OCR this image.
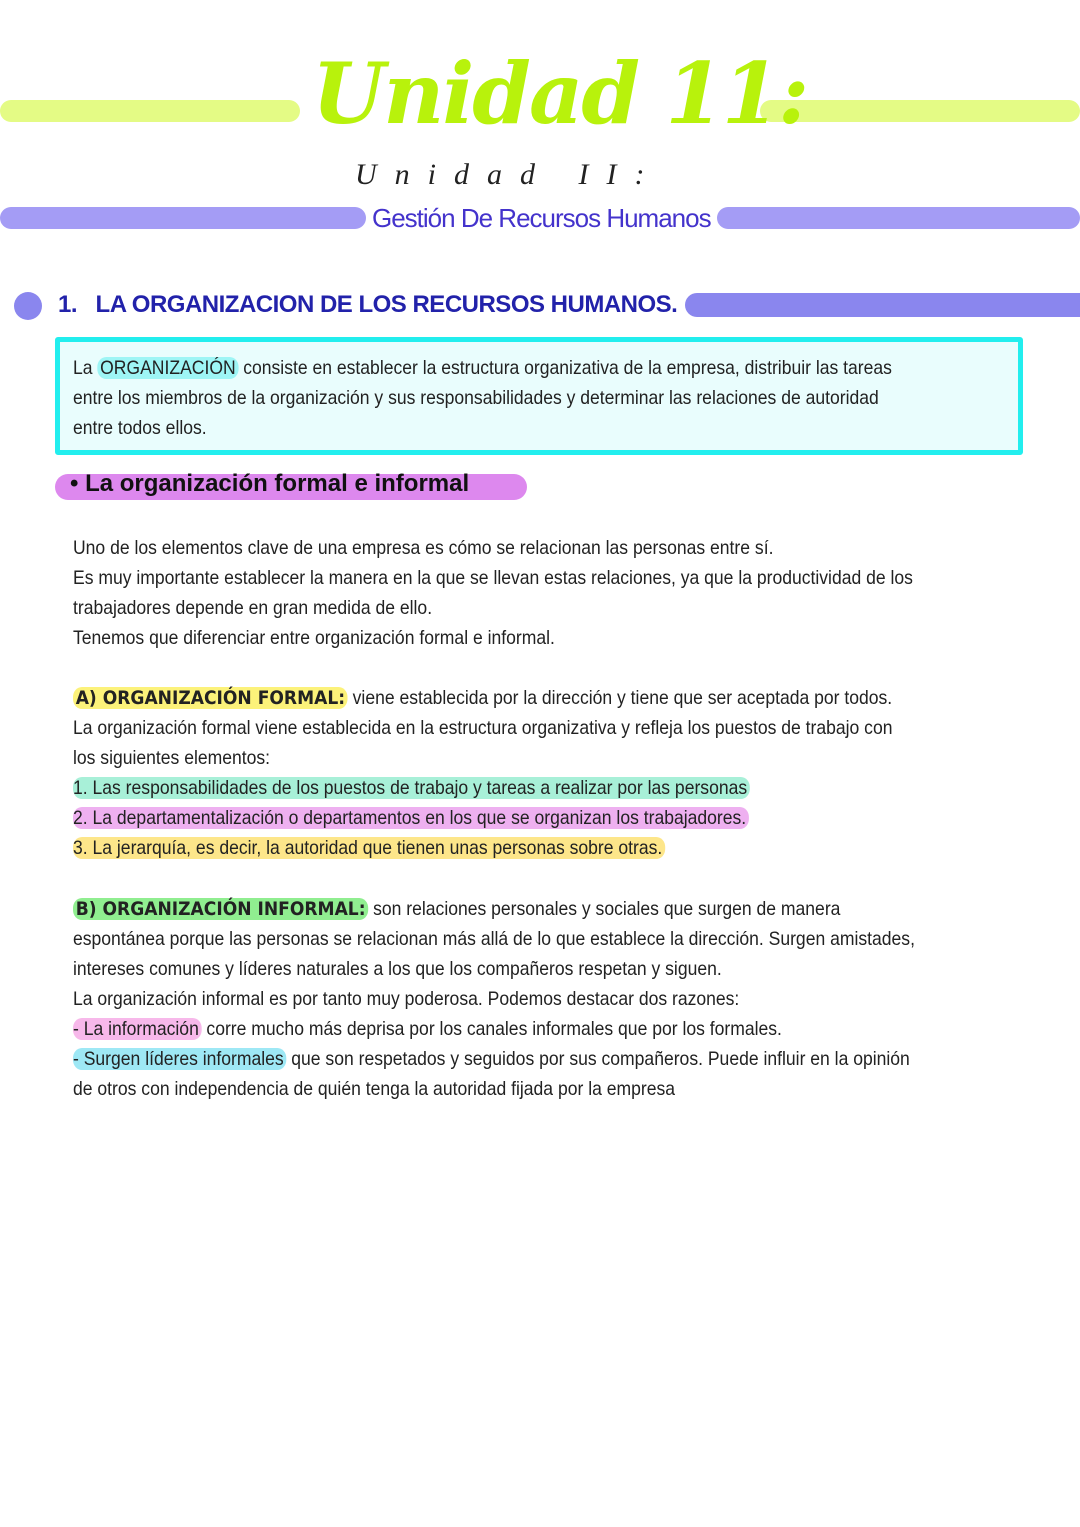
Unidad 11:
Unidad II:
Gestión De Recursos Humanos
1. LA ORGANIZACION DE LOS RECURSOS HUMANOS.
La ORGANIZACIÓN consiste en establecer la estructura organizativa de la empresa, distribuir las tareas
entre los miembros de la organización y sus responsabilidades y determinar las relaciones de autoridad
entre todos ellos.
• La organización formal e informal
Uno de los elementos clave de una empresa es cómo se relacionan las personas entre sí.
Es muy importante establecer la manera en la que se llevan estas relaciones, ya que la productividad de los
trabajadores depende en gran medida de ello.
Tenemos que diferenciar entre organización formal e informal.
A) ORGANIZACIÓN FORMAL: viene establecida por la dirección y tiene que ser aceptada por todos.
La organización formal viene establecida en la estructura organizativa y refleja los puestos de trabajo con
los siguientes elementos:
1. Las responsabilidades de los puestos de trabajo y tareas a realizar por las personas
2. La departamentalización o departamentos en los que se organizan los trabajadores.
3. La jerarquía, es decir, la autoridad que tienen unas personas sobre otras.
B) ORGANIZACIÓN INFORMAL: son relaciones personales y sociales que surgen de manera
espontánea porque las personas se relacionan más allá de lo que establece la dirección. Surgen amistades,
intereses comunes y líderes naturales a los que los compañeros respetan y siguen.
La organización informal es por tanto muy poderosa. Podemos destacar dos razones:
- La información corre mucho más deprisa por los canales informales que por los formales.
- Surgen líderes informales que son respetados y seguidos por sus compañeros. Puede influir en la opinión
de otros con independencia de quién tenga la autoridad fijada por la empresa
